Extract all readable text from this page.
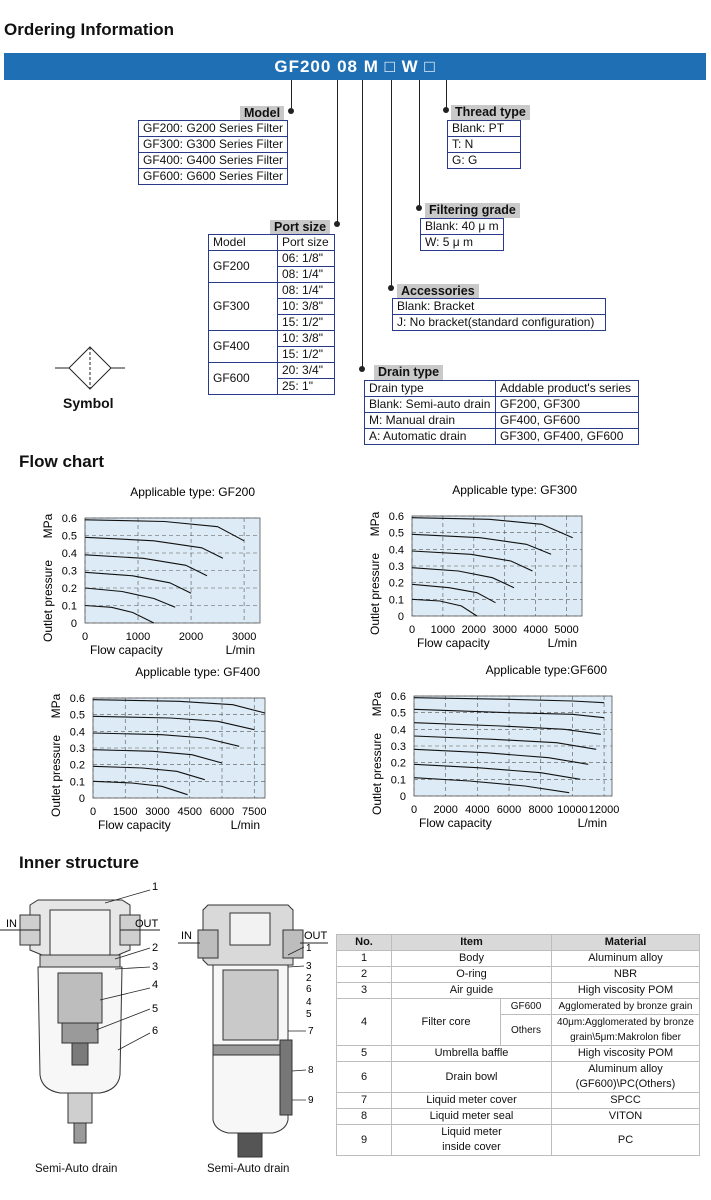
Ordering Information
GF200 08 M □ W □
Model
GF200: G200 Series Filter
GF300: G300 Series Filter
GF400: G400 Series Filter
GF600: G600 Series Filter
Thread type
Blank: PT
T: N
G: G
Filtering grade
Blank: 40 μ m
W: 5 μ m
Port size
Model	Port size
GF200	06: 1/8"
	08: 1/4"
GF300	08: 1/4"
	10: 3/8"
	15: 1/2"
GF400	10: 3/8"
	15: 1/2"
GF600	20: 3/4"
	25: 1"
Accessories
Blank: Bracket
J: No bracket(standard configuration)
Drain type
Drain type	Addable product's series
Blank: Semi-auto drain	GF200, GF300
M: Manual drain	GF400, GF600
A: Automatic drain	GF300, GF400, GF600
Symbol
Flow chart
0
0.1
0.2
0.3
0.4
0.5
0.6
0	1000	2000	3000
Applicable type: GF200
Flow capacity	L/min
Outlet pressure
MPa
0
0.1
0.2
0.3
0.4
0.5
0.6
0 1000 2000 3000 4000 5000
Applicable type: GF300
Flow capacity	L/min
Outlet pressure
MPa
0
0.1
0.2
0.3
0.4
0.5
0.6
0 1500 3000 4500 6000 7500
Applicable type: GF400
Flow capacity	L/min
Outlet pressure
MPa
0
0.1
0.2
0.3
0.4
0.5
0.6
0 2000 4000 6000 8000 10000 12000
Applicable type:GF600
Flow capacity	L/min
Outlet pressure
MPa
Inner structure
IN	OUT
1
2
3
4
5
6
Semi-Auto drain
IN	OUT
1
3
2
6
4
5
7
8
9
Semi-Auto drain
No.	Item		Material
1	Body		Aluminum alloy
2	O-ring		NBR
3	Air guide		High viscosity POM
4	Filter core	GF600	Agglomerated by bronze grain
		Others	40μm:Agglomerated by bronze
grain\5μm:Makrolon fiber

5	Umbrella baffle		High viscosity POM
6	Drain bowl		Aluminum alloy (GF600)\PC(Others)
7	Liquid meter cover		SPCC
8	Liquid meter seal		VITON
9	Liquid meter
inside cover		PC
